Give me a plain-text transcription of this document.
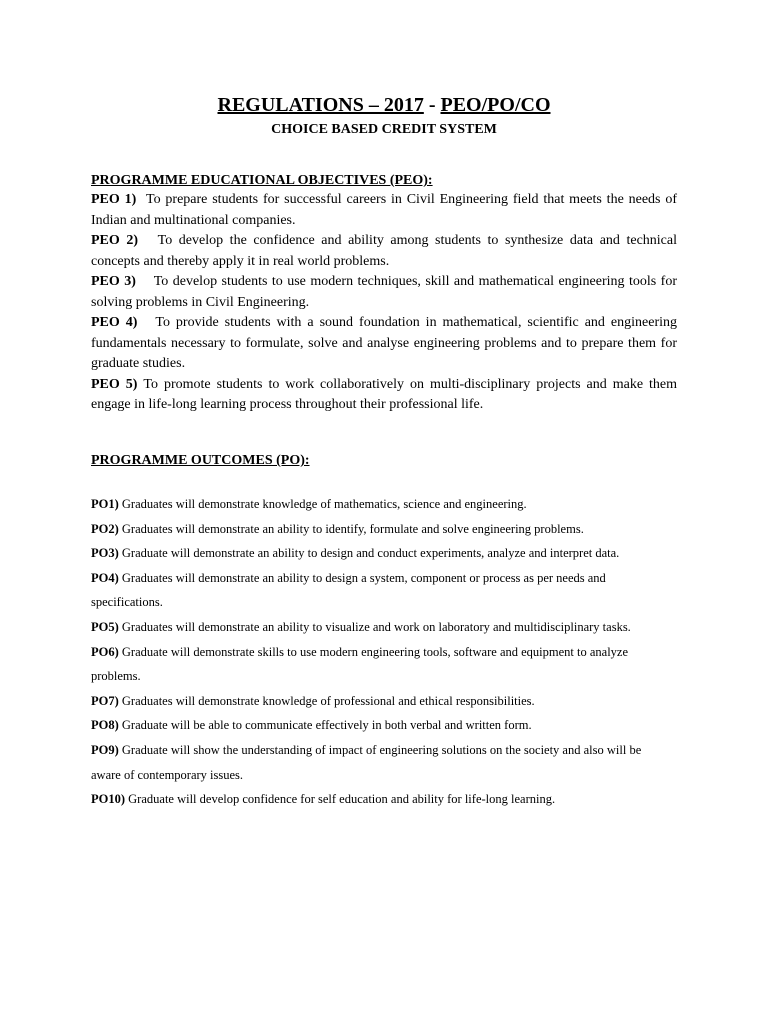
REGULATIONS – 2017 - PEO/PO/CO
CHOICE BASED CREDIT SYSTEM
PROGRAMME EDUCATIONAL OBJECTIVES (PEO):
PEO 1) To prepare students for successful careers in Civil Engineering field that meets the needs of Indian and multinational companies.
PEO 2) To develop the confidence and ability among students to synthesize data and technical concepts and thereby apply it in real world problems.
PEO 3) To develop students to use modern techniques, skill and mathematical engineering tools for solving problems in Civil Engineering.
PEO 4) To provide students with a sound foundation in mathematical, scientific and engineering fundamentals necessary to formulate, solve and analyse engineering problems and to prepare them for graduate studies.
PEO 5) To promote students to work collaboratively on multi-disciplinary projects and make them engage in life-long learning process throughout their professional life.
PROGRAMME OUTCOMES (PO):
PO1) Graduates will demonstrate knowledge of mathematics, science and engineering.
PO2) Graduates will demonstrate an ability to identify, formulate and solve engineering problems.
PO3) Graduate will demonstrate an ability to design and conduct experiments, analyze and interpret data.
PO4) Graduates will demonstrate an ability to design a system, component or process as per needs and specifications.
PO5) Graduates will demonstrate an ability to visualize and work on laboratory and multidisciplinary tasks.
PO6) Graduate will demonstrate skills to use modern engineering tools, software and equipment to analyze problems.
PO7) Graduates will demonstrate knowledge of professional and ethical responsibilities.
PO8) Graduate will be able to communicate effectively in both verbal and written form.
PO9) Graduate will show the understanding of impact of engineering solutions on the society and also will be aware of contemporary issues.
PO10) Graduate will develop confidence for self education and ability for life-long learning.
